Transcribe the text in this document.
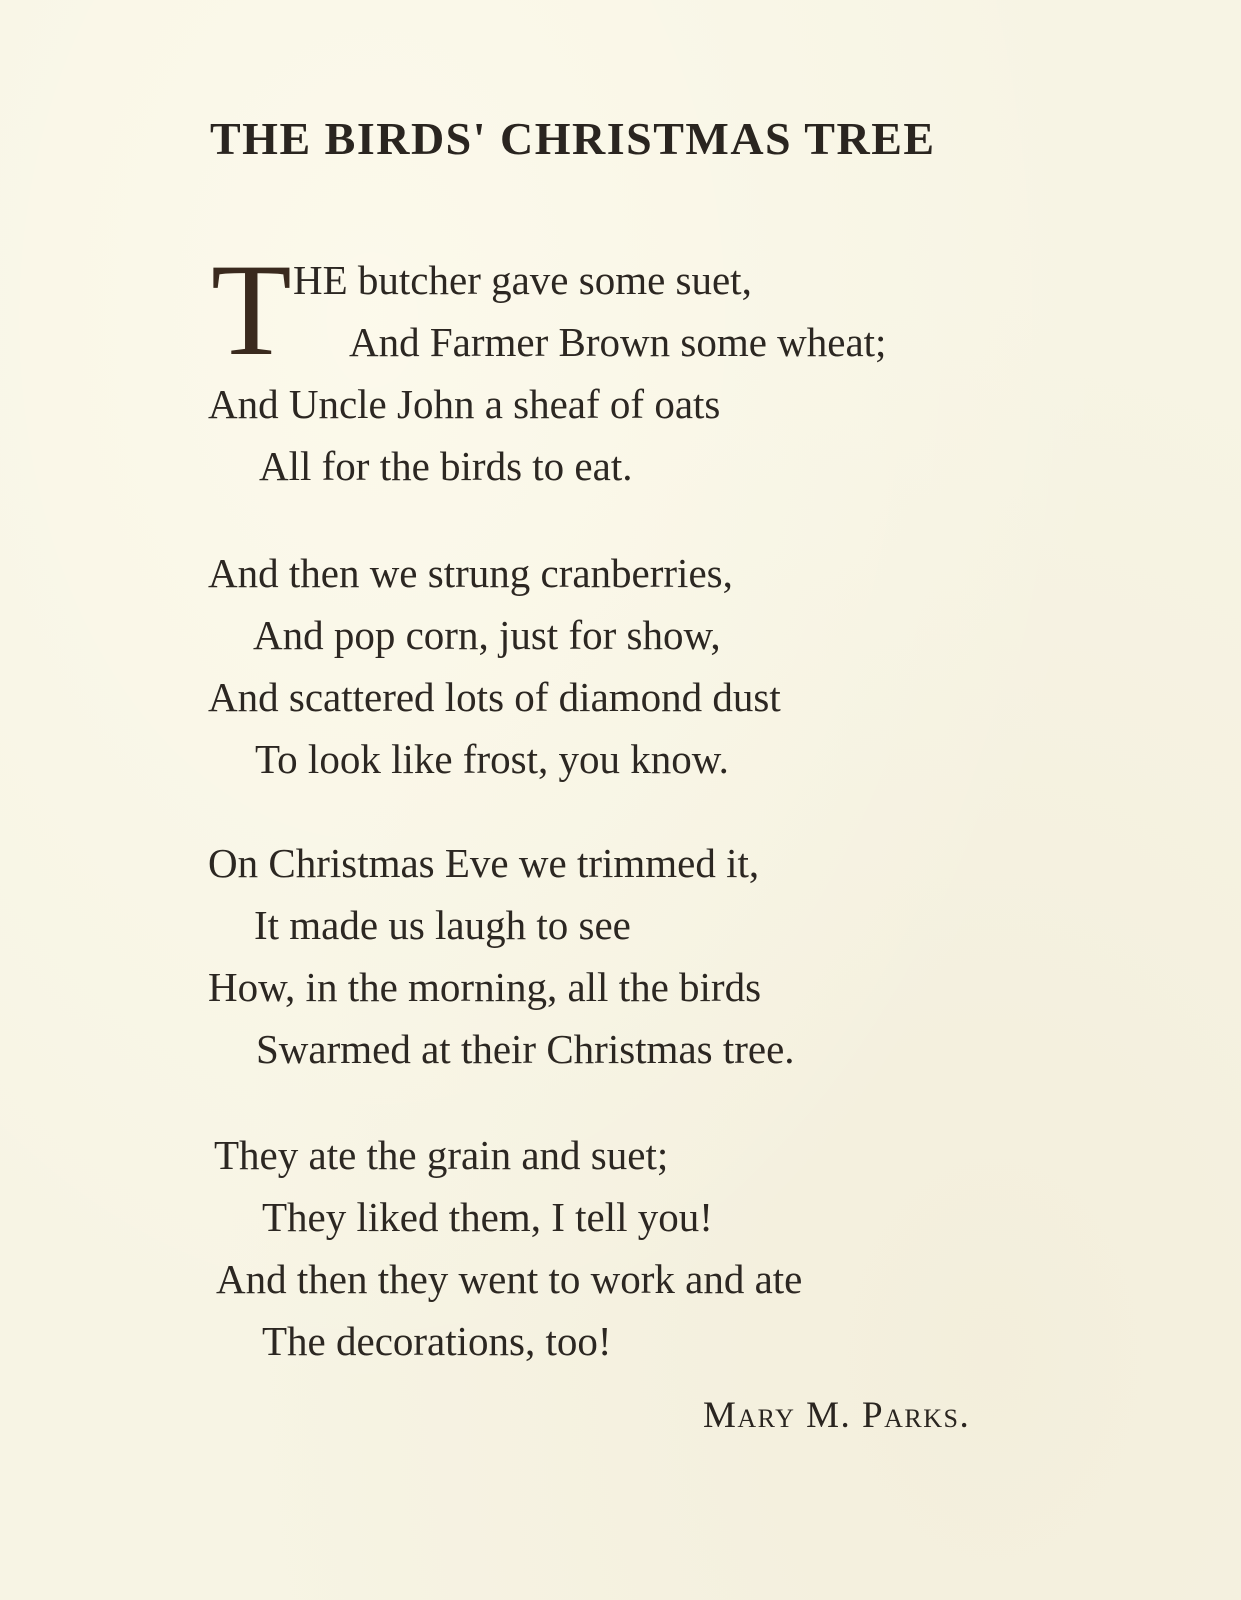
THE BIRDS' CHRISTMAS TREE
T HE butcher gave some suet,

And Farmer Brown some wheat;

And Uncle John a sheaf of oats

All for the birds to eat.

And then we strung cranberries,

And pop corn, just for show,

And scattered lots of diamond dust

To look like frost, you know.

On Christmas Eve we trimmed it,

It made us laugh to see

How, in the morning, all the birds

Swarmed at their Christmas tree.

They ate the grain and suet;

They liked them, I tell you!

And then they went to work and ate

The decorations, too!

Mary M. Parks.
